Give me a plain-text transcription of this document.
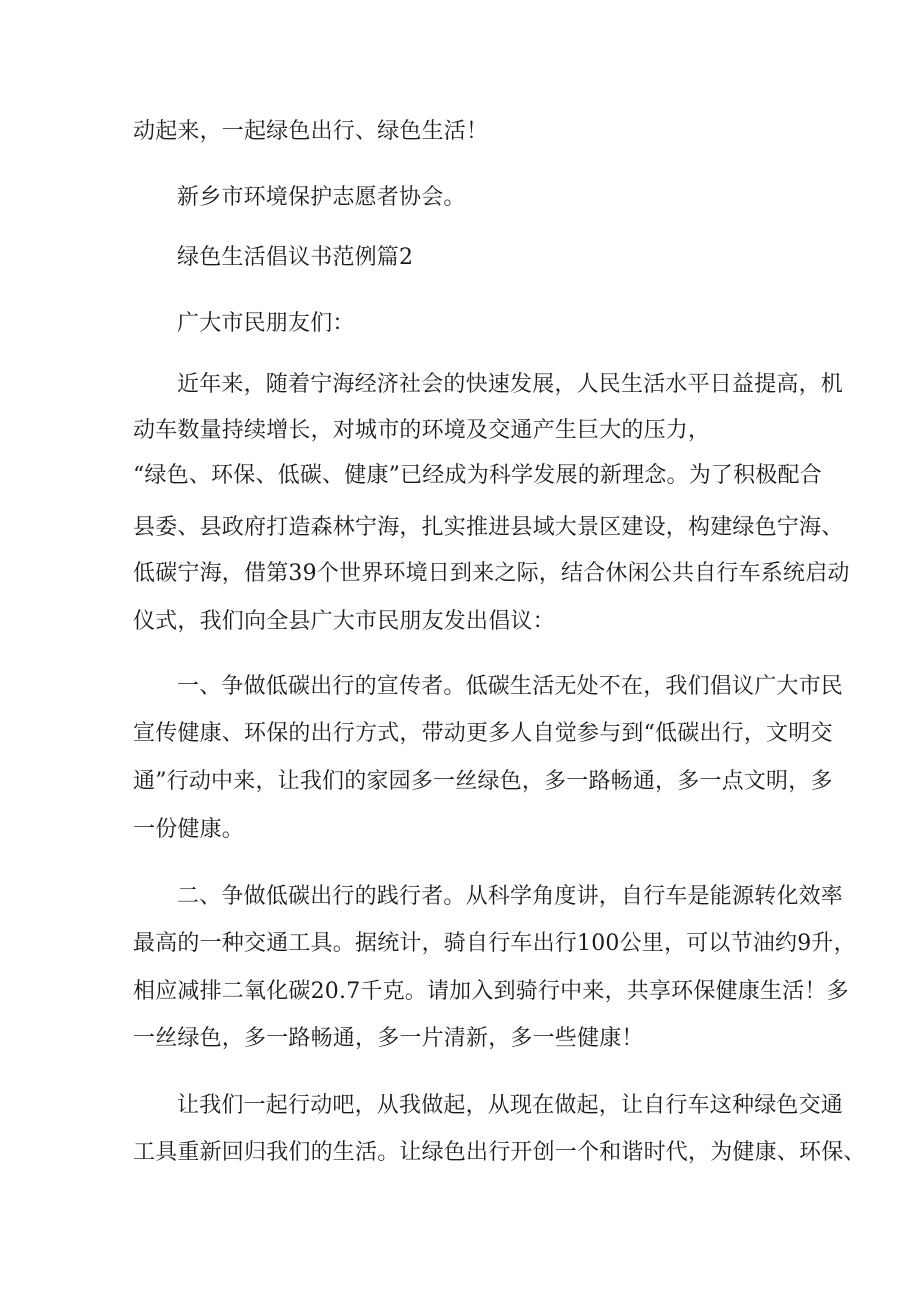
动起来，一起绿色出行、绿色生活！
新乡市环境保护志愿者协会。
绿色生活倡议书范例篇2
广大市民朋友们：
近年来，随着宁海经济社会的快速发展，人民生活水平日益提高，机
动车数量持续增长，对城市的环境及交通产生巨大的压力，
“绿色、环保、低碳、健康”已经成为科学发展的新理念。为了积极配合
县委、县政府打造森林宁海，扎实推进县域大景区建设，构建绿色宁海、
低碳宁海，借第39个世界环境日到来之际，结合休闲公共自行车系统启动
仪式，我们向全县广大市民朋友发出倡议：
一、争做低碳出行的宣传者。低碳生活无处不在，我们倡议广大市民
宣传健康、环保的出行方式，带动更多人自觉参与到“低碳出行，文明交
通”行动中来，让我们的家园多一丝绿色，多一路畅通，多一点文明，多
一份健康。
二、争做低碳出行的践行者。从科学角度讲，自行车是能源转化效率
最高的一种交通工具。据统计，骑自行车出行100公里，可以节油约9升，
相应减排二氧化碳20.7千克。请加入到骑行中来，共享环保健康生活！多
一丝绿色，多一路畅通，多一片清新，多一些健康！
让我们一起行动吧，从我做起，从现在做起，让自行车这种绿色交通
工具重新回归我们的生活。让绿色出行开创一个和谐时代，为健康、环保、
